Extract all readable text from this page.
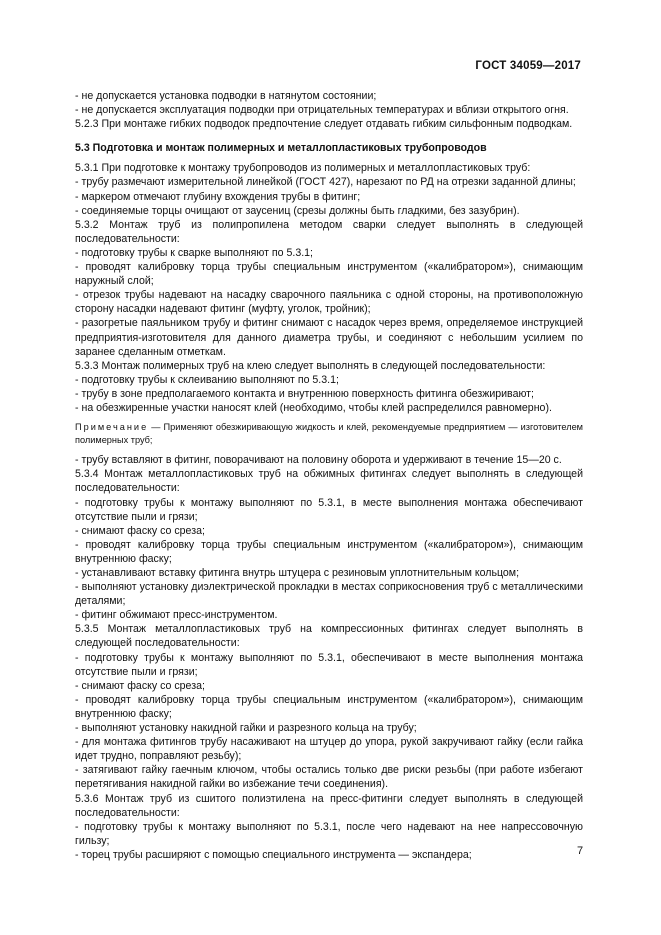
ГОСТ 34059—2017

- не допускается установка подводки в натянутом состоянии;

- не допускается эксплуатация подводки при отрицательных температурах и вблизи открытого огня.

5.2.3 При монтаже гибких подводок предпочтение следует отдавать гибким сильфонным подводкам.

5.3 Подготовка и монтаж полимерных и металлопластиковых трубопроводов

5.3.1 При подготовке к монтажу трубопроводов из полимерных и металлопластиковых труб:

- трубу размечают измерительной линейкой (ГОСТ 427), нарезают по РД на отрезки заданной длины;

- маркером отмечают глубину вхождения трубы в фитинг;

- соединяемые торцы очищают от заусениц (срезы должны быть гладкими, без зазубрин).

5.3.2 Монтаж труб из полипропилена методом сварки следует выполнять в следующей последовательности:

- подготовку трубы к сварке выполняют по 5.3.1;

- проводят калибровку торца трубы специальным инструментом («калибратором»), снимающим наружный слой;

- отрезок трубы надевают на насадку сварочного паяльника с одной стороны, на противоположную сторону насадки надевают фитинг (муфту, уголок, тройник);

- разогретые паяльником трубу и фитинг снимают с насадок через время, определяемое инструкцией предприятия-изготовителя для данного диаметра трубы, и соединяют с небольшим усилием по заранее сделанным отметкам.

5.3.3 Монтаж полимерных труб на клею следует выполнять в следующей последовательности:

- подготовку трубы к склеиванию выполняют по 5.3.1;

- трубу в зоне предполагаемого контакта и внутреннюю поверхность фитинга обезжиривают;

- на обезжиренные участки наносят клей (необходимо, чтобы клей распределился равномерно).

Примечание — Применяют обезжиривающую жидкость и клей, рекомендуемые предприятием — изготовителем полимерных труб;

- трубу вставляют в фитинг, поворачивают на половину оборота и удерживают в течение 15—20 с.

5.3.4 Монтаж металлопластиковых труб на обжимных фитингах следует выполнять в следующей последовательности:

- подготовку трубы к монтажу выполняют по 5.3.1, в месте выполнения монтажа обеспечивают отсутствие пыли и грязи;

- снимают фаску со среза;

- проводят калибровку торца трубы специальным инструментом («калибратором»), снимающим внутреннюю фаску;

- устанавливают вставку фитинга внутрь штуцера с резиновым уплотнительным кольцом;

- выполняют установку диэлектрической прокладки в местах соприкосновения труб с металлическими деталями;

- фитинг обжимают пресс-инструментом.

5.3.5 Монтаж металлопластиковых труб на компрессионных фитингах следует выполнять в следующей последовательности:

- подготовку трубы к монтажу выполняют по 5.3.1, обеспечивают в месте выполнения монтажа отсутствие пыли и грязи;

- снимают фаску со среза;

- проводят калибровку торца трубы специальным инструментом («калибратором»), снимающим внутреннюю фаску;

- выполняют установку накидной гайки и разрезного кольца на трубу;

- для монтажа фитингов трубу насаживают на штуцер до упора, рукой закручивают гайку (если гайка идет трудно, поправляют резьбу);

- затягивают гайку гаечным ключом, чтобы остались только две риски резьбы (при работе избегают перетягивания накидной гайки во избежание течи соединения).

5.3.6 Монтаж труб из сшитого полиэтилена на пресс-фитинги следует выполнять в следующей последовательности:

- подготовку трубы к монтажу выполняют по 5.3.1, после чего надевают на нее напрессовочную гильзу;

- торец трубы расширяют с помощью специального инструмента — экспандера;	7
